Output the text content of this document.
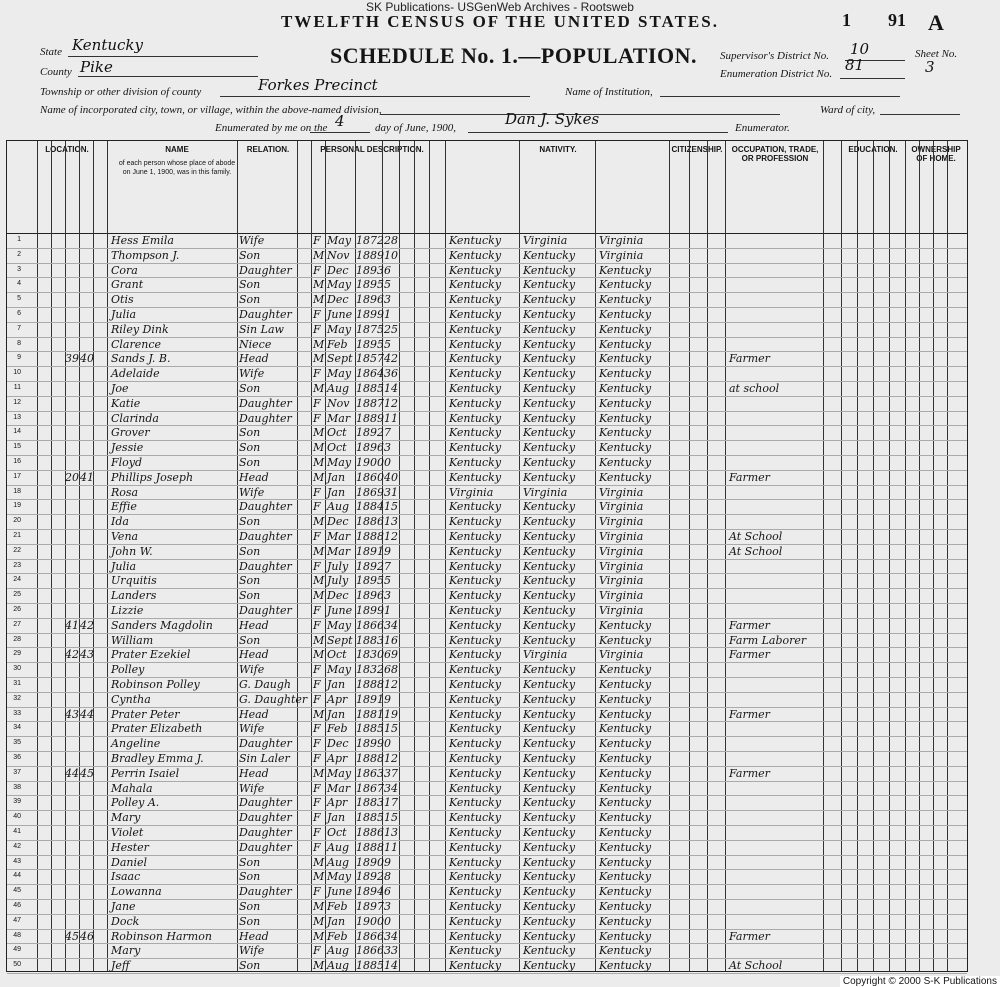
SK Publications- USGenWeb Archives - Rootsweb
TWELFTH CENSUS OF THE UNITED STATES.	1 91 A
SCHEDULE No. 1.—POPULATION.
State Kentucky
County Pike
Township or other division of county	Forkes Precinct	Name of Institution,
Name of incorporated city, town, or village, within the above-named division,	Ward of city,
Enumerated by me on the 4	day of June, 1900,	Dan J. Sykes	Enumerator.
Supervisor's District No. 10
Enumeration District No. 81
Sheet No.
3
LOCATION.	NAME
of each person whose place of abode on June 1, 1900, was in this family.
RELATION.	PERSONAL DESCRIPTION.	NATIVITY.	CITIZENSHIP.	OCCUPATION, TRADE, OR PROFESSION
EDUCATION.	OWNERSHIP OF HOME.
1	Hess Emila	Wife	F May 1872 28	Kentucky	Virginia	Virginia
2	Thompson J.	Son	M Nov 1889 10	Kentucky	Kentucky	Virginia
3	Cora	Daughter	F Dec 1893 6	Kentucky	Kentucky	Kentucky
4	Grant	Son	M May 1895 5	Kentucky	Kentucky	Kentucky
5	Otis	Son	M Dec 1896 3	Kentucky	Kentucky	Kentucky
6	Julia	Daughter	F June 1899 1	Kentucky	Kentucky	Kentucky
7	Riley Dink	Sin Law	F May 1875 25	Kentucky	Kentucky	Kentucky
8	Clarence	Niece	M Feb 1895 5	Kentucky	Kentucky	Kentucky
9	39 40 Sands J. B.	Head	M Sept 1857 42	Kentucky	Kentucky	Kentucky	Farmer
10	Adelaide	Wife	F May 1864 36	Kentucky	Kentucky	Kentucky
11	Joe	Son	M Aug 1885 14	Kentucky	Kentucky	Kentucky	at school
12	Katie	Daughter	F Nov 1887 12	Kentucky	Kentucky	Kentucky
13	Clarinda	Daughter	F Mar 1889 11	Kentucky	Kentucky	Kentucky
14	Grover	Son	M Oct 1892 7	Kentucky	Kentucky	Kentucky
15	Jessie	Son	M Oct 1896 3	Kentucky	Kentucky	Kentucky
16	Floyd	Son	M May 1900 0	Kentucky	Kentucky	Kentucky
17	20 41 Phillips Joseph	Head	M Jan 1860 40	Kentucky	Kentucky	Kentucky	Farmer
18	Rosa	Wife	F Jan 1869 31	Virginia	Virginia	Virginia
19	Effie	Daughter	F Aug 1884 15	Kentucky	Kentucky	Virginia
20	Ida	Son	M Dec 1886 13	Kentucky	Kentucky	Virginia
21	Vena	Daughter	F Mar 1888 12	Kentucky	Kentucky	Virginia	At School
22	John W.	Son	M Mar 1891 9	Kentucky	Kentucky	Virginia	At School
23	Julia	Daughter	F July 1892 7	Kentucky	Kentucky	Virginia
24	Urquitis	Son	M July 1895 5	Kentucky	Kentucky	Virginia
25	Landers	Son	M Dec 1896 3	Kentucky	Kentucky	Virginia
26	Lizzie	Daughter	F June 1899 1	Kentucky	Kentucky	Virginia
27	41 42 Sanders Magdolin	Head	F May 1866 34	Kentucky	Kentucky	Kentucky	Farmer
28	William	Son	M Sept 1883 16	Kentucky	Kentucky	Kentucky	Farm Laborer
29	42 43 Prater Ezekiel	Head	M Oct 1830 69	Kentucky	Virginia	Virginia	Farmer
30	Polley	Wife	F May 1832 68	Kentucky	Kentucky	Kentucky
31	Robinson Polley	G. Daugh	F Jan 1888 12	Kentucky	Kentucky	Kentucky
32	Cyntha	G. Daughter F Apr 1891 9	Kentucky	Kentucky	Kentucky
33	43 44 Prater Peter	Head	M Jan 1881 19	Kentucky	Kentucky	Kentucky	Farmer
34	Prater Elizabeth	Wife	F Feb 1885 15	Kentucky	Kentucky	Kentucky
35	Angeline	Daughter	F Dec 1899 0	Kentucky	Kentucky	Kentucky
36	Bradley Emma J.	Sin Laler	F Apr 1888 12	Kentucky	Kentucky	Kentucky
37	44 45 Perrin Isaiel	Head	M May 1863 37	Kentucky	Kentucky	Kentucky	Farmer
38	Mahala	Wife	F Mar 1867 34	Kentucky	Kentucky	Kentucky
39	Polley A.	Daughter	F Apr 1883 17	Kentucky	Kentucky	Kentucky
40	Mary	Daughter	F Jan 1885 15	Kentucky	Kentucky	Kentucky
41	Violet	Daughter	F Oct 1886 13	Kentucky	Kentucky	Kentucky
42	Hester	Daughter	F Aug 1888 11	Kentucky	Kentucky	Kentucky
43	Daniel	Son	M Aug 1890 9	Kentucky	Kentucky	Kentucky
44	Isaac	Son	M May 1892 8	Kentucky	Kentucky	Kentucky
45	Lowanna	Daughter	F June 1894 6	Kentucky	Kentucky	Kentucky
46	Jane	Son	M Feb 1897 3	Kentucky	Kentucky	Kentucky
47	Dock	Son	M Jan 1900 0	Kentucky	Kentucky	Kentucky
48	45 46 Robinson Harmon	Head	M Feb 1866 34	Kentucky	Kentucky	Kentucky	Farmer
49	Mary	Wife	F Aug 1866 33	Kentucky	Kentucky	Kentucky
50	Jeff	Son	M Aug 1885 14	Kentucky	Kentucky	Kentucky	At School
Copyright © 2000 S-K Publications
